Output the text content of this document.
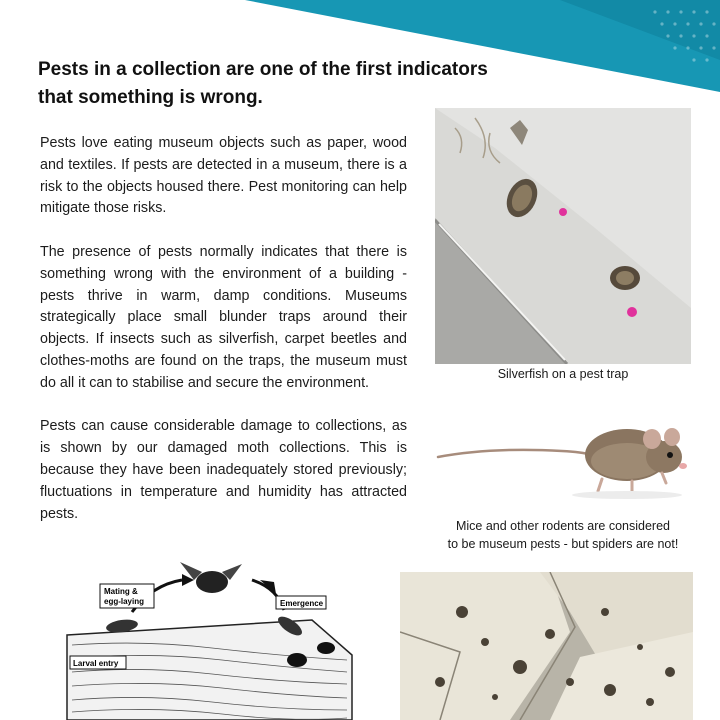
Pests in a collection are one of the first indicators
that something is wrong.

Pests love eating museum objects such as paper, wood and textiles. If pests are detected in a museum, there is a risk to the objects housed there. Pest monitoring can help mitigate those risks.

The presence of pests normally indicates that there is something wrong with the environment of a building - pests thrive in warm, damp conditions. Museums strategically place small blunder traps around their objects. If insects such as silverfish, carpet beetles and clothes-moths are found on the traps, the museum must do all it can to stabilise and secure the environment.

Pests can cause considerable damage to collections, as is shown by our damaged moth collections. This is because they have been inadequately stored previously; fluctuations in temperature and humidity has attracted pests.

Silverfish on a pest trap
Mice and other rodents are considered
to be museum pests - but spiders are not!
Mating &
egg-laying	Emergence
Larval entry
